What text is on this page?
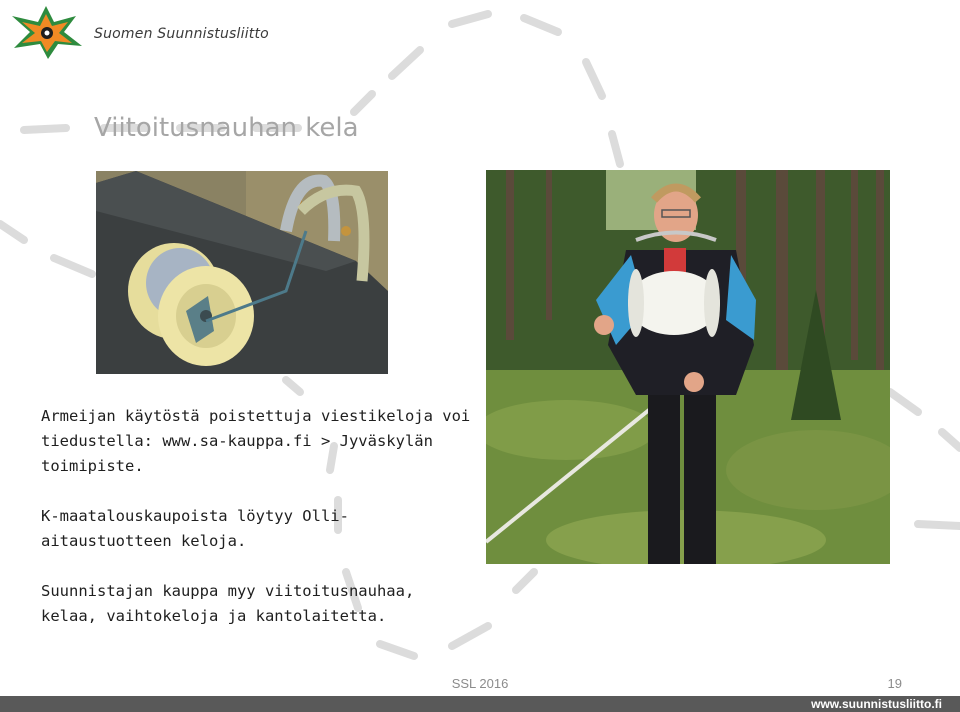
Suomen Suunnistusliitto
Viitoitusnauhan kela

Armeijan käytöstä poistettuja viestikeloja voi tiedustella: www.sa-kauppa.fi > Jyväskylän toimipiste.

K-maatalouskaupoista löytyy Olli-aitaustuotteen keloja.

Suunnistajan kauppa myy viitoitusnauhaa, kelaa, vaihtokeloja ja kantolaitetta.

SSL 2016	19
www.suunnistusliitto.fi
